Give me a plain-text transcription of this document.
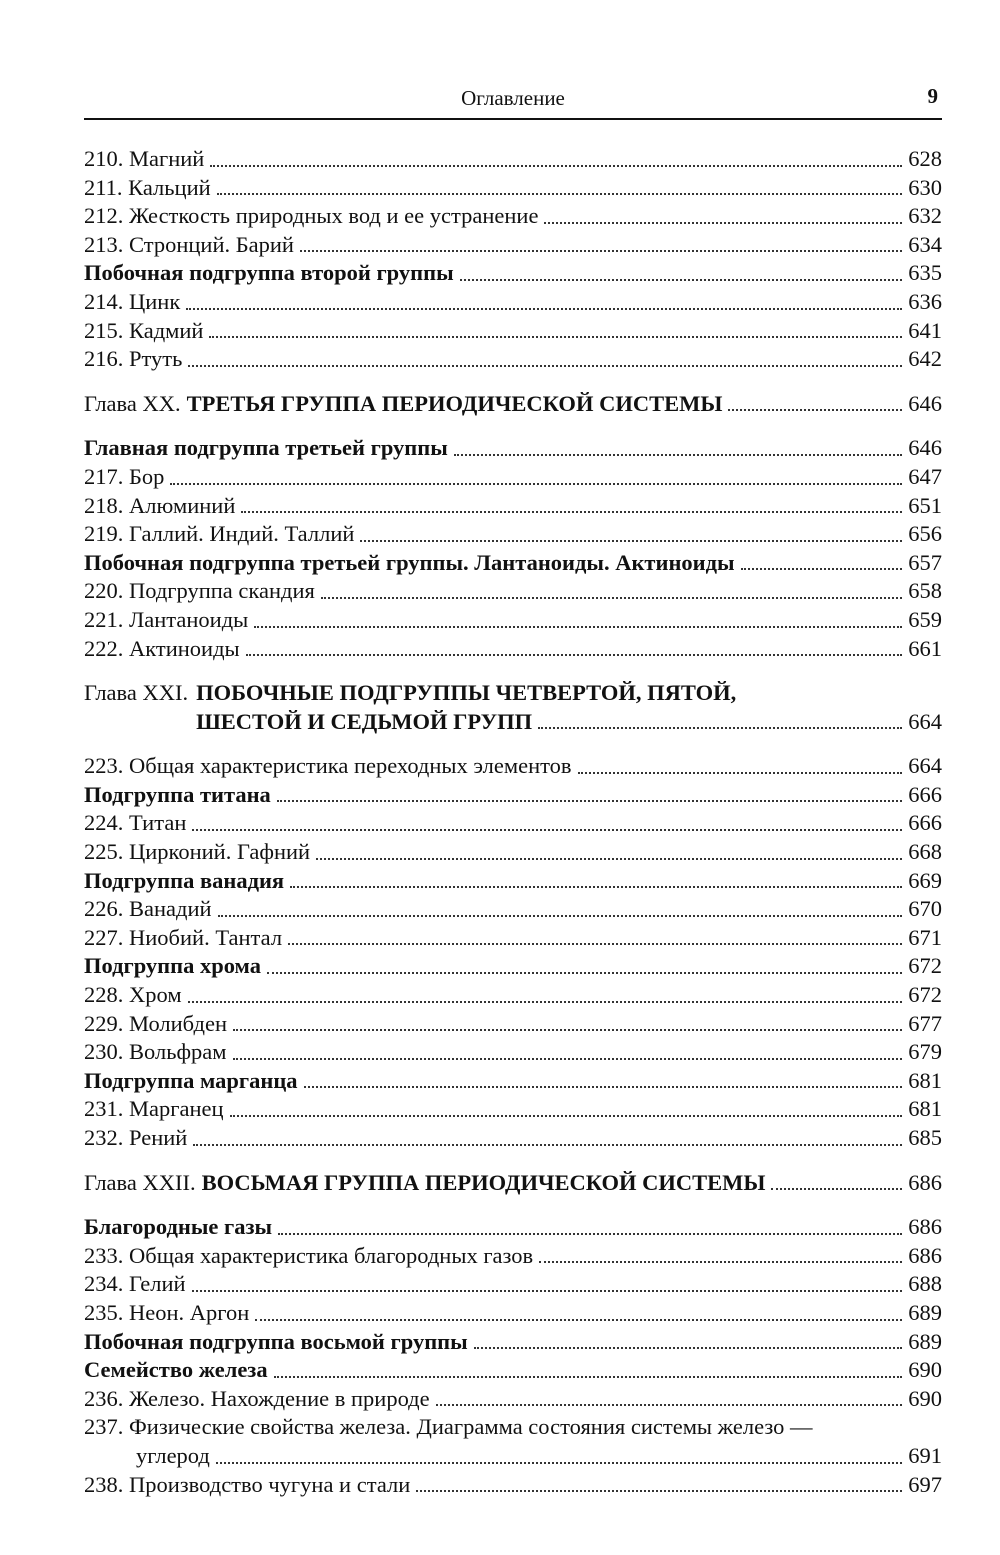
Оглавление	9
210. Магний	628
211. Кальций	630
212. Жесткость природных вод и ее устранение	632
213. Стронций. Барий	634
Побочная подгруппа второй группы	635
214. Цинк	636
215. Кадмий	641
216. Ртуть	642
Глава XX. ТРЕТЬЯ ГРУППА ПЕРИОДИЧЕСКОЙ СИСТЕМЫ	646
Главная подгруппа третьей группы	646
217. Бор	647
218. Алюминий	651
219. Галлий. Индий. Таллий	656
Побочная подгруппа третьей группы. Лантаноиды. Актиноиды	657
220. Подгруппа скандия	658
221. Лантаноиды	659
222. Актиноиды	661
Глава XXI. ПОБОЧНЫЕ ПОДГРУППЫ ЧЕТВЕРТОЙ, ПЯТОЙ,
ШЕСТОЙ И СЕДЬМОЙ ГРУПП	664
223. Общая характеристика переходных элементов	664
Подгруппа титана	666
224. Титан	666
225. Цирконий. Гафний	668
Подгруппа ванадия	669
226. Ванадий	670
227. Ниобий. Тантал	671
Подгруппа хрома	672
228. Хром	672
229. Молибден	677
230. Вольфрам	679
Подгруппа марганца	681
231. Марганец	681
232. Рений	685
Глава XXII. ВОСЬМАЯ ГРУППА ПЕРИОДИЧЕСКОЙ СИСТЕМЫ	686
Благородные газы	686
233. Общая характеристика благородных газов	686
234. Гелий	688
235. Неон. Аргон	689
Побочная подгруппа восьмой группы	689
Семейство железа	690
236. Железо. Нахождение в природе	690
237. Физические свойства железа. Диаграмма состояния системы железо —
углерод	691
238. Производство чугуна и стали	697
